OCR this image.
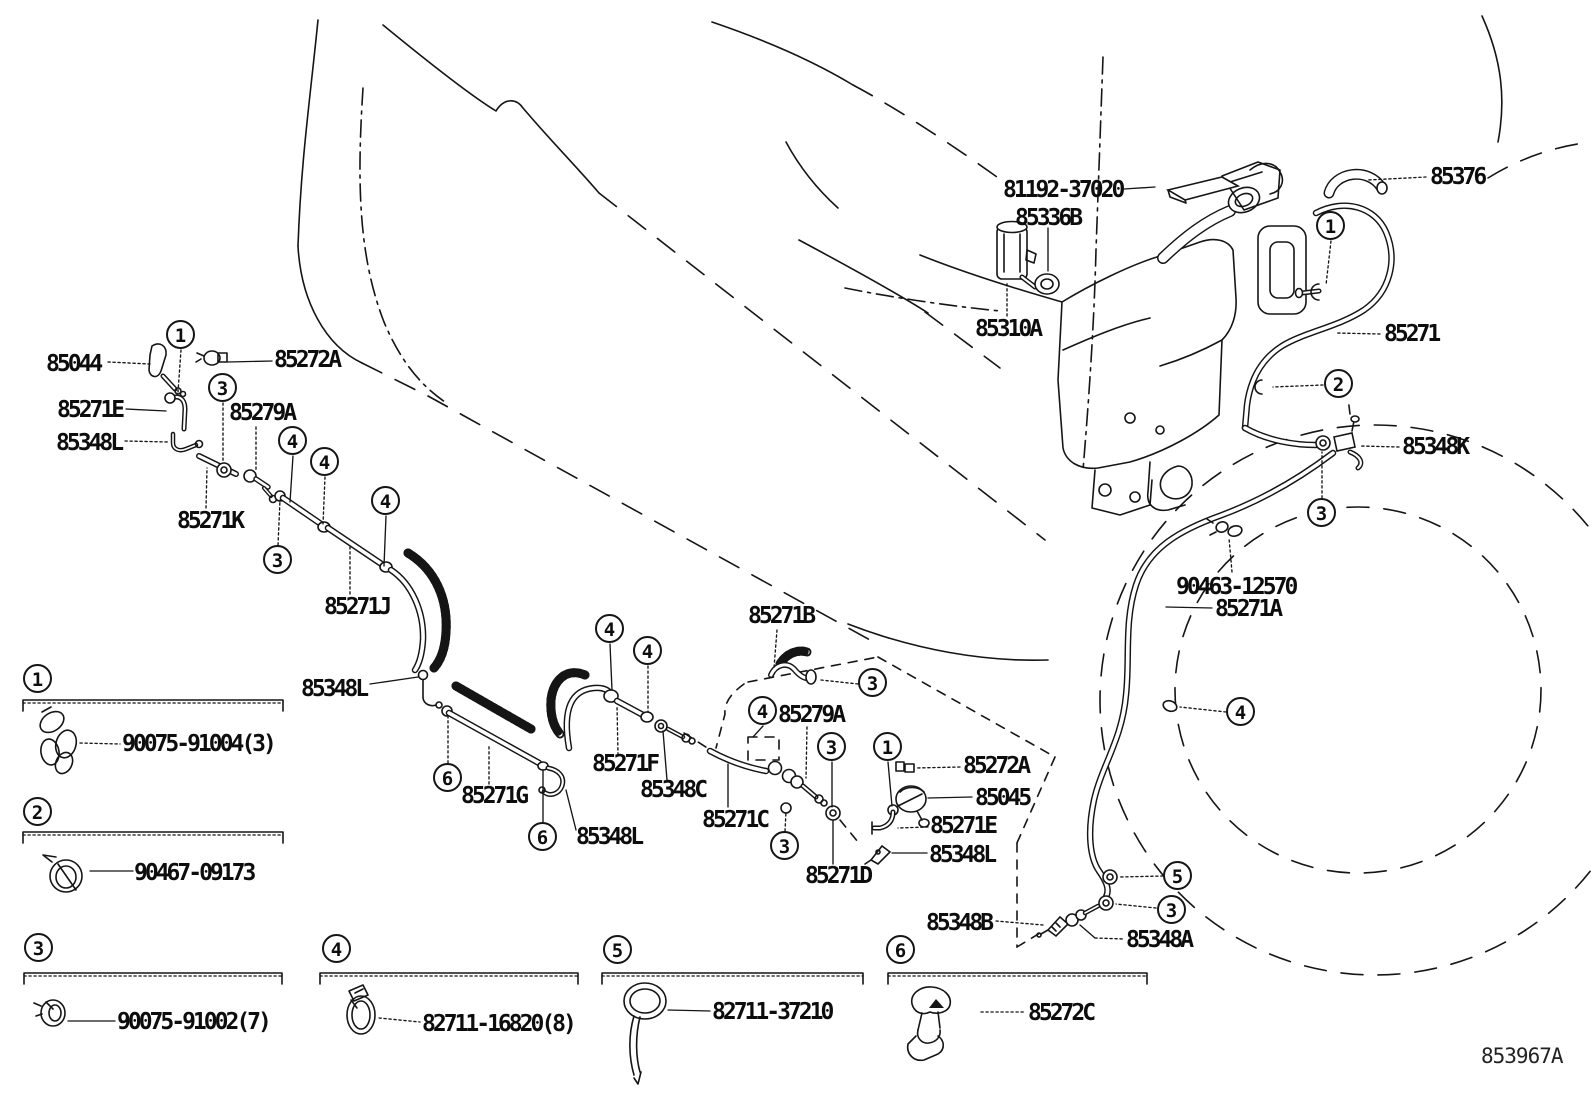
81192-37020
85336B
85310A
85376
85271
85348K
90463-12570
85271A
85044	85272A
85271E
85348L
85279A
85271K
85271J
85348L
85271G
85348L
85271F
85348C
85271B
85279A
85272A
85045
85271E
85348L
85271C
85271D
85348B
85348A
1
3
4
4
4
3
4
4
6
6
3
4
3	1
3
1
2
3
4
5
3
1
2
3	4	5	6
90075-91004(3)
90467-09173
90075-91002(7)	82711-16820(8)	82711-37210	85272C
853967A
